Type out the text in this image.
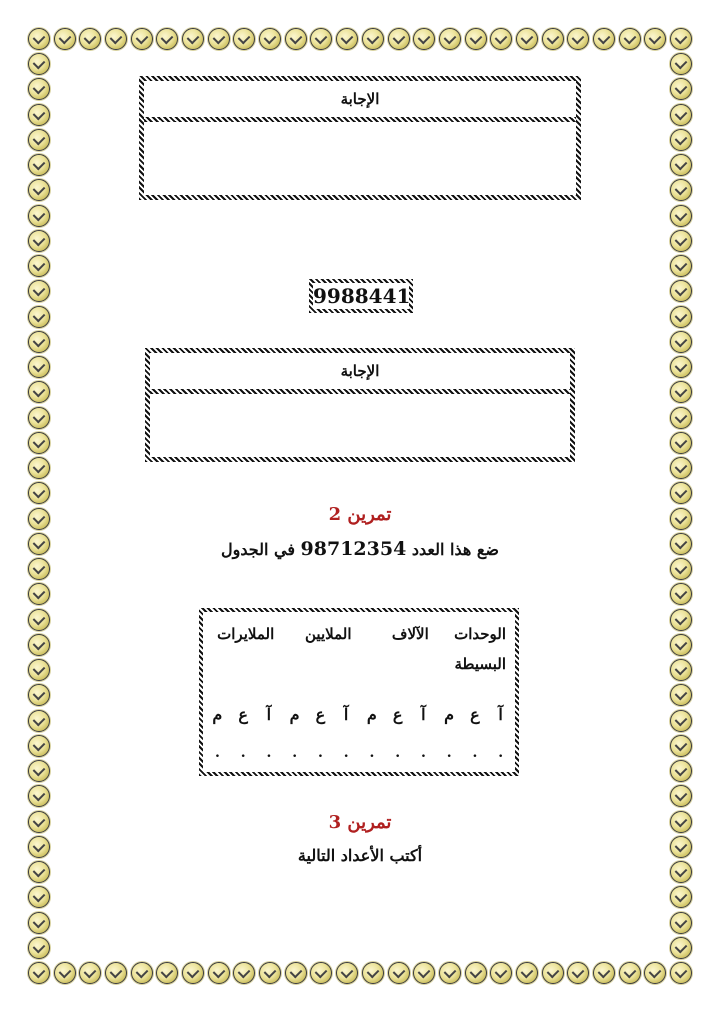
الإجابة
9988441
الإجابة
تمرين 2
ضع هذا العدد 98712354 في الجدول
الوحدات البسيطة			الآلاف			الملايين			الملايرات		
آ	ع	م	آ	ع	م	آ	ع	م	آ	ع	م
.	.	.	.	.	.	.	.	.	.	.	.
تمرين 3
أكتب الأعداد التالية
